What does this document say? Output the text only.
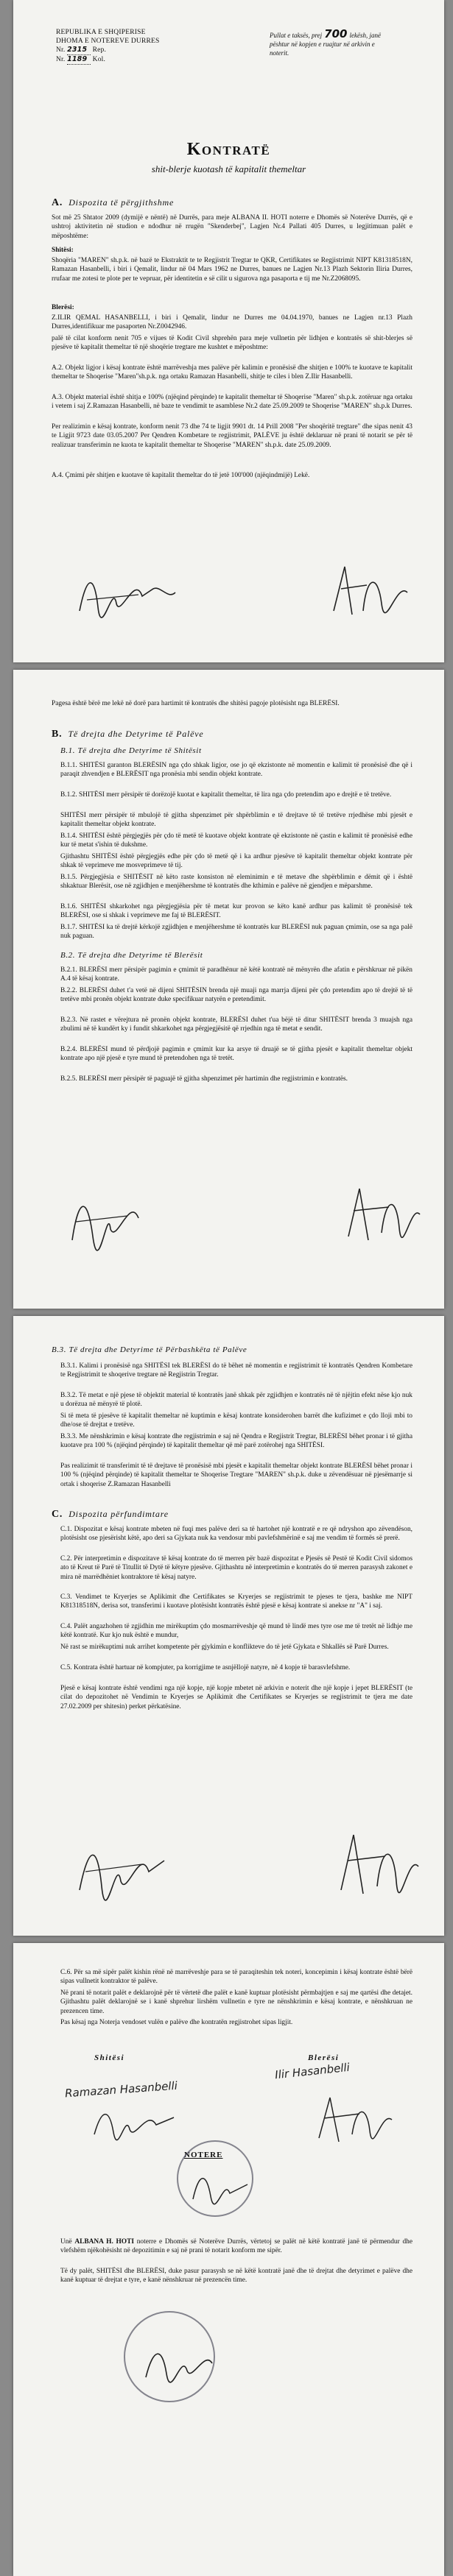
REPUBLIKA E SHQIPERISE
DHOMA E NOTEREVE DURRES
Nr. 2315 Rep.
Nr. 1189 Kol.
Pullat e taksës, prej 700 lekësh, janë
pështur në kopjen e ruajtur në arkivin e
noterit.
Kontratë
shit-blerje kuotash të kapitalit themeltar
A. Dispozita të përgjithshme
Sot më 25 Shtator 2009 (dymijë e nëntë) në Durrës, para meje ALBANA II. HOTI noterre e Dhomës së Noterëve Durrës, që e ushtroj aktivitetin në studion e ndodhur në rrugën "Skenderbej", Lagjen Nr.4 Pallati 405 Durres, u legjitimuan palët e mëposhtëme:
Shitësi:
Shoqëria "MAREN" sh.p.k. në bazë te Ekstraktit te te Regjistrit Tregtar te QKR, Certifikates se Regjistrimit NIPT K81318518N, Ramazan Hasanbelli, i biri i Qemalit, lindur në 04 Mars 1962 ne Durres, banues ne Lagjen Nr.13 Plazh Sektorin Iliria Durres, rrufaar me zotesi te plote per te vepruar, për identitetin e së cilit u sigurova nga pasaporta e tij me Nr.Z2068095.
Blerësi:
Z.ILIR QEMAL HASANBELLI, i biri i Qemalit, lindur ne Durres me 04.04.1970, banues ne Lagjen nr.13 Plazh Durres,identifikuar me pasaporten Nr.Z0042946.
palë të cilat konform nenit 705 e vijues të Kodit Civil shprehën para meje vullnetin për lidhjen e kontratës së shit-blerjes së pjesëve të kapitalit themeltar të një shoqërie tregtare me kushtet e mëposhtme:
A.2. Objekt ligjor i kësaj kontrate është marrëveshja mes palëve për kalimin e pronësisë dhe shitjen e 100% te kuotave te kapitalit themeltar te Shoqerise "Maren"sh.p.k. nga ortaku Ramazan Hasanbelli, shitje te ciles i blen Z.Ilir Hasanbelli.
A.3. Objekt material është shitja e 100% (njëqind përqinde) te kapitalit themeltar të Shoqerise "Maren" sh.p.k. zotëruar nga ortaku i vetem i saj Z.Ramazan Hasanbelli, në baze te vendimit te asamblese Nr.2 date 25.09.2009 te Shoqerise "MAREN" sh.p.k Durres.
Per realizimin e kësaj kontrate, konform nenit 73 dhe 74 te ligjit 9901 dt. 14 Prill 2008 "Per shoqëritë tregtare" dhe sipas nenit 43 te Ligjit 9723 date 03.05.2007 Per Qendren Kombetare te regjistrimit, PALËVE ju është deklaruar në prani të notarit se për të realizuar transferimin ne kuota te kapitalit themeltar te Shoqerise "MAREN" sh.p.k. date 25.09.2009.
A.4. Çmimi për shitjen e kuotave të kapitalit themeltar do të jetë 100'000 (njëqindmijë) Lekë.
Pagesa është bërë me lekë në dorë para hartimit të kontratës dhe shitësi pagoje plotësisht nga BLERËSI.
B. Të drejta dhe Detyrime të Palëve
B.1. Të drejta dhe Detyrime të Shitësit
B.1.1. SHITËSI garanton BLERËSIN nga çdo shkak ligjor, ose jo që ekzistonte në momentin e kalimit të pronësisë dhe që i paraqit zhvendjen e BLERËSIT nga pronësia mbi sendin objekt kontrate.
B.1.2. SHITËSI merr përsipër të dorëzojë kuotat e kapitalit themeltar, të lira nga çdo pretendim apo e drejtë e të tretëve.
SHITËSI merr përsipër të mbulojë të gjitha shpenzimet për shpërblimin e të drejtave të të tretëve rrjedhëse mbi pjesët e kapitalit themeltar objekt kontrate.
B.1.4. SHITËSI është përgjegjës për çdo të metë të kuotave objekt kontrate që ekzistonte në çastin e kalimit të pronësisë edhe kur të metat s'ishin të dukshme.
Gjithashtu SHITËSI është përgjegjës edhe për çdo të metë që i ka ardhur pjesëve të kapitalit themeltar objekt kontrate për shkak të veprimeve me mosveprimeve të tij.
B.1.5. Përgjegjësia e SHITËSIT në këto raste konsiston në eleminimin e të metave dhe shpërblimin e dëmit që i është shkaktuar Blerësit, ose në zgjidhjen e menjëhershme të kontratës dhe kthimin e palëve në gjendjen e mëparshme.
B.1.6. SHITËSI shkarkohet nga përgjegjësia për të metat kur provon se këto kanë ardhur pas kalimit të pronësisë tek BLERËSI, ose si shkak i veprimeve me faj të BLERËSIT.
B.1.7. SHITËSI ka të drejtë kërkojë zgjidhjen e menjëhershme të kontratës kur BLERËSI nuk paguan çmimin, ose sa nga palë nuk paguan.
B.2. Të drejta dhe Detyrime të Blerësit
B.2.1. BLERËSI merr përsipër pagimin e çmimit të paradhënur në këtë kontratë në mënyrën dhe afatin e përshkruar në pikën A.4 të kësaj kontrate.
B.2.2. BLERËSI duhet t'a vetë në dijeni SHITËSIN brenda një muaji nga marrja dijeni për çdo pretendim apo të drejtë të të tretëve mbi pronën objekt kontrate duke specifikuar natyrën e pretendimit.
B.2.3. Në rastet e vërejtura në pronën objekt kontrate, BLERËSI duhet t'ua bëjë të ditur SHITËSIT brenda 3 muajsh nga zbulimi në të kundërt ky i fundit shkarkohet nga përgjegjësitë që rrjedhin nga të metat e sendit.
B.2.4. BLERËSI mund të përdjojë pagimin e çmimit kur ka arsye të druajë se të gjitha pjesët e kapitalit themeltar objekt kontrate apo një pjesë e tyre mund të pretendohen nga të tretët.
B.2.5. BLERËSI merr përsipër të paguajë të gjitha shpenzimet për hartimin dhe regjistrimin e kontratës.
B.3. Të drejta dhe Detyrime të Përbashkëta të Palëve
B.3.1. Kalimi i pronësisë nga SHITËSI tek BLERËSI do të bëhet në momentin e regjistrimit të kontratës Qendren Kombetare te Regjistrimit te shoqerive tregtare në Regjistrin Tregtar.
B.3.2. Të metat e një pjese të objektit material të kontratës janë shkak për zgjidhjen e kontratës në të njëjtin efekt nëse kjo nuk u dorëzua në mënyrë të plotë.
Si të meta të pjesëve të kapitalit themeltar në kuptimin e kësaj kontrate konsiderohen barrët dhe kufizimet e çdo lloji mbi to dhe/ose të drejtat e tretëve.
B.3.3. Me nënshkrimin e kësaj kontrate dhe regjistrimin e saj në Qendra e Regjistrit Tregtar, BLERËSI bëhet pronar i të gjitha kuotave pra 100 % (njëqind përqinde) të kapitalit themeltar që më parë zotërohej nga SHITËSI.
Pas realizimit të transferimit të të drejtave të pronësisë mbi pjesët e kapitalit themeltar objekt kontrate BLERËSI bëhet pronar i 100 % (njëqind përqinde) të kapitalit themeltar te Shoqerise Tregtare "MAREN" sh.p.k. duke u zëvendësuar në pjesëmarrje si ortak i shoqerise Z.Ramazan Hasanbelli
C. Dispozita përfundimtare
C.1. Dispozitat e kësaj kontrate mbeten në fuqi mes palëve deri sa të hartohet një kontratë e re që ndryshon apo zëvendëson, plotësisht ose pjesërisht këtë, apo deri sa Gjykata nuk ka vendosur mbi pavlefshmërinë e saj me vendim të formës së prerë.
C.2. Për interpretimin e dispozitave të kësaj kontrate do të merren për bazë dispozitat e Pjesës së Pestë të Kodit Civil sidomos ato të Kreut të Parë të Titullit të Dytë të këtyre pjesëve. Gjithashtu në interpretimin e kontratës do të merren parasysh zakonet e mira në marrëdhëniet kontraktore të kësaj natyre.
C.3. Vendimet te Kryerjes se Aplikimit dhe Certifikates se Kryerjes se regjistrimit te pjeses te tjera, bashke me NIPT K81318518N, derisa sot, transferimi i kuotave plotësisht kontratës është pjesë e kësaj kontrate si anekse nr "A" i saj.
C.4. Palët angazhohen të zgjidhin me mirëkuptim çdo mosmarrëveshje që mund të lindë mes tyre ose me të tretët në lidhje me këtë kontratë. Kur kjo nuk është e mundur,
Në rast se mirëkuptimi nuk arrihet kompetente për gjykimin e konflikteve do të jetë Gjykata e Shkallës së Parë Durres.
C.5. Kontrata është hartuar në kompjuter, pa korrigjime te asnjëllojë natyre, në 4 kopje të barasvlefshme.
Pjesë e kësaj kontrate është vendimi nga një kopje, një kopje mbetet në arkivin e noterit dhe një kopje i jepet BLERËSIT (te cilat do depozitohet në Vendimin te Kryerjes se Aplikimit dhe Certifikates se Kryerjes se regjistrimit te tjera me date 27.02.2009 per shitesin) perket përkatësine.
C.6. Për sa më sipër palët kishin rënë në marrëveshje para se të paraqiteshin tek noteri, koncepimin i kësaj kontrate është bërë sipas vullnetit kontraktor të palëve.
Në prani të notarit palët e deklarojnë për të vërtetë dhe palët e kanë kuptuar plotësisht përmbajtjen e saj me qartësi dhe detajet. Gjithashtu palët deklarojnë se i kanë shprehur lirshëm vullnetin e tyre ne nënshkrimin e kësaj kontrate, e nënshkruan ne prezencen time.
Pas kësaj nga Noterja vendoset vulën e palëve dhe kontratën regjistrohet sipas ligjit.
Shitësi	Blerësi
Ramazan Hasanbelli
Ilir Hasanbelli
NOTERE
Unë ALBANA H. HOTI noterre e Dhomës së Noterëve Durrës, vërtetoj se palët në këtë kontratë janë të përmendur dhe vlefshëm njëkohësisht në depozitimin e saj në prani të notarit konform me sipër.
Të dy palët, SHITËSI dhe BLERËSI, duke pasur parasysh se në këtë kontratë janë dhe të drejtat dhe detyrimet e palëve dhe kanë kuptuar të drejtat e tyre, e kanë nënshkruar në prezencën time.
